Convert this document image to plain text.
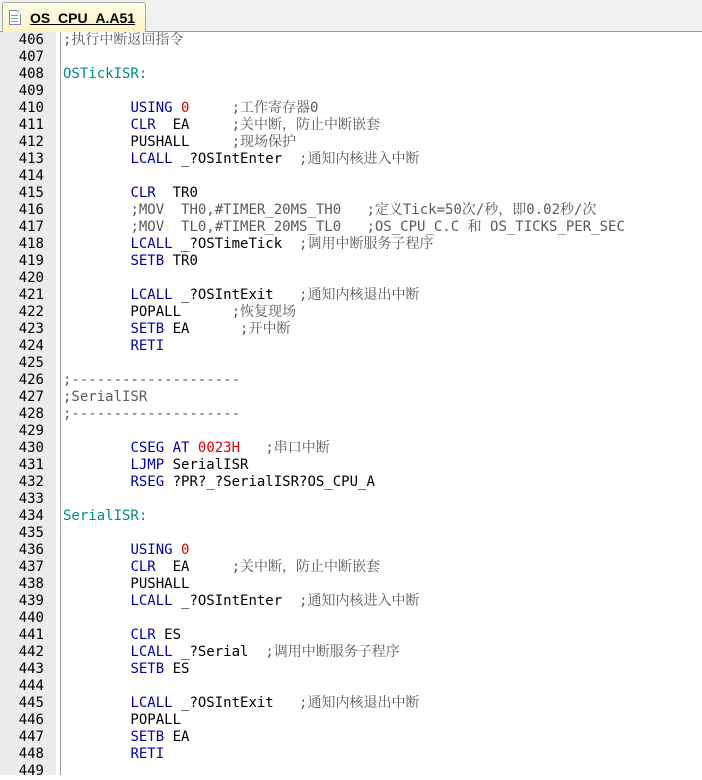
OS_CPU_A.A51
406 ;执行中断返回指令
407
408 OSTickISR:
409
410	USING 0	;工作寄存器0
411	CLR  EA     ;关中断，防止中断嵌套
412 PUSHALL     ;现场保护
413	LCALL _?OSIntEnter  ;通知内核进入中断
414
415	CLR  TR0
416	;MOV  TH0,#TIMER_20MS_TH0   ;定义Tick=50次/秒，即0.02秒/次
417	;MOV  TL0,#TIMER_20MS_TL0   ;OS_CPU_C.C 和 OS_TICKS_PER_SEC
418	LCALL _?OSTimeTick  ;调用中断服务子程序
419	SETB TR0
420
421	LCALL _?OSIntExit   ;通知内核退出中断
422 POPALL      ;恢复现场
423	SETB EA      ;开中断
424	RETI
425
426 ;--------------------
427 ;SerialISR
428 ;--------------------
429
430	CSEG AT 0023H ;串口中断
431	LJMP SerialISR
432	RSEG ?PR?_?SerialISR?OS_CPU_A
433
434 SerialISR:
435
436	USING 0
437	CLR  EA     ;关中断，防止中断嵌套
438 PUSHALL
439	LCALL _?OSIntEnter  ;通知内核进入中断
440
441	CLR ES
442	LCALL _?Serial  ;调用中断服务子程序
443	SETB ES
444
445	LCALL _?OSIntExit   ;通知内核退出中断
446 POPALL
447	SETB EA
448	RETI
449
